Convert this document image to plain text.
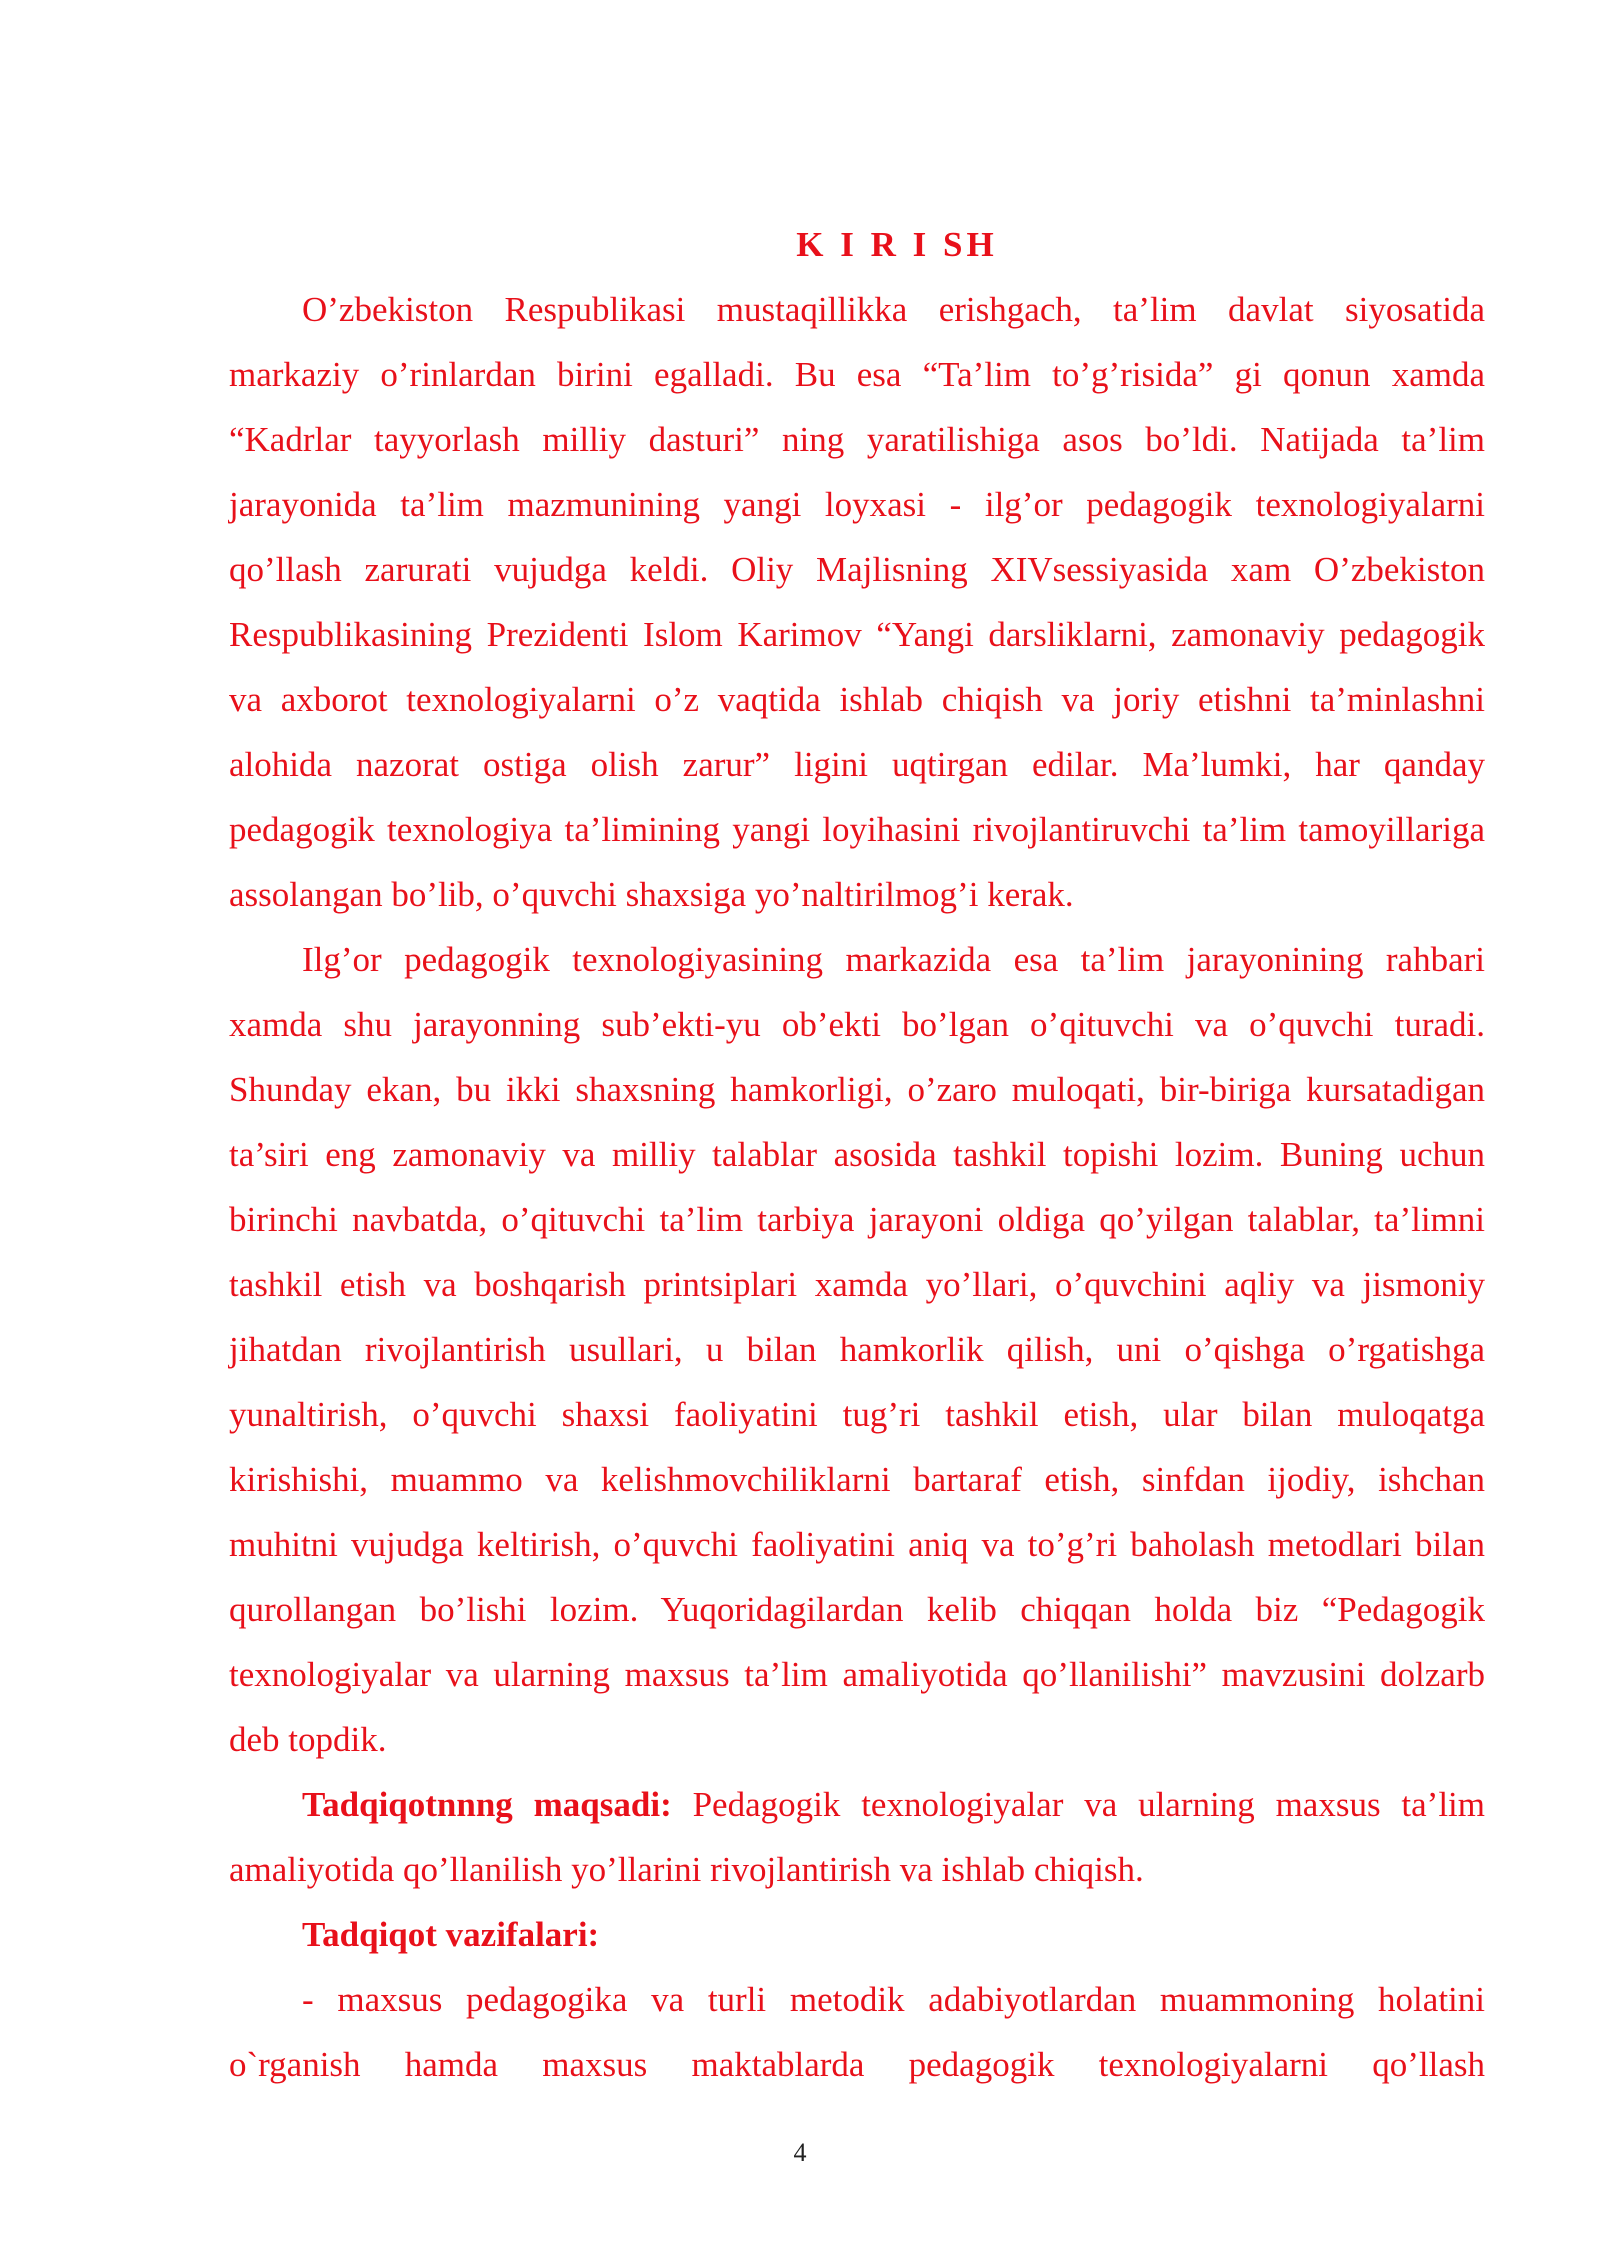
K I R I SH

O’zbekiston Respublikasi mustaqillikka erishgach, ta’lim davlat siyosatida markaziy o’rinlardan birini egalladi. Bu esa “Ta’lim to’g’risida” gi qonun xamda “Kadrlar tayyorlash milliy dasturi” ning yaratilishiga asos bo’ldi. Natijada ta’lim jarayonida ta’lim mazmunining yangi loyxasi - ilg’or pedagogik texnologiyalarni qo’llash zarurati vujudga keldi. Oliy Majlisning XIVsessiyasida xam O’zbekiston Respublikasining Prezidenti Islom Karimov “Yangi darsliklarni, zamonaviy pedagogik va axborot texnologiyalarni o’z vaqtida ishlab chiqish va joriy etishni ta’minlashni alohida nazorat ostiga olish zarur” ligini uqtirgan edilar. Ma’lumki, har qanday pedagogik texnologiya ta’limining yangi loyihasini rivojlantiruvchi ta’lim tamoyillariga assolangan bo’lib, o’quvchi shaxsiga yo’naltirilmog’i kerak.

Ilg’or pedagogik texnologiyasining markazida esa ta’lim jarayonining rahbari xamda shu jarayonning sub’ekti-yu ob’ekti bo’lgan o’qituvchi va o’quvchi turadi. Shunday ekan, bu ikki shaxsning hamkorligi, o’zaro muloqati, bir-biriga kursatadigan ta’siri eng zamonaviy va milliy talablar asosida tashkil topishi lozim. Buning uchun birinchi navbatda, o’qituvchi ta’lim tarbiya jarayoni oldiga qo’yilgan talablar, ta’limni tashkil etish va boshqarish printsiplari xamda yo’llari, o’quvchini aqliy va jismoniy jihatdan rivojlantirish usullari, u bilan hamkorlik qilish, uni o’qishga o’rgatishga yunaltirish, o’quvchi shaxsi faoliyatini tug’ri tashkil etish, ular bilan muloqatga kirishishi, muammo va kelishmovchiliklarni bartaraf etish, sinfdan ijodiy, ishchan muhitni vujudga keltirish, o’quvchi faoliyatini aniq va to’g’ri baholash metodlari bilan qurollangan bo’lishi lozim. Yuqoridagilardan kelib chiqqan holda biz “Pedagogik texnologiyalar va ularning maxsus ta’lim amaliyotida qo’llanilishi” mavzusini dolzarb deb topdik.

Tadqiqotnnng maqsadi: Pedagogik texnologiyalar va ularning maxsus ta’lim amaliyotida qo’llanilish yo’llarini rivojlantirish va ishlab chiqish.

Tadqiqot vazifalari:

- maxsus pedagogika va turli metodik adabiyotlardan muammoning holatini o`rganish hamda maxsus maktablarda pedagogik texnologiyalarni qo’llash

4
